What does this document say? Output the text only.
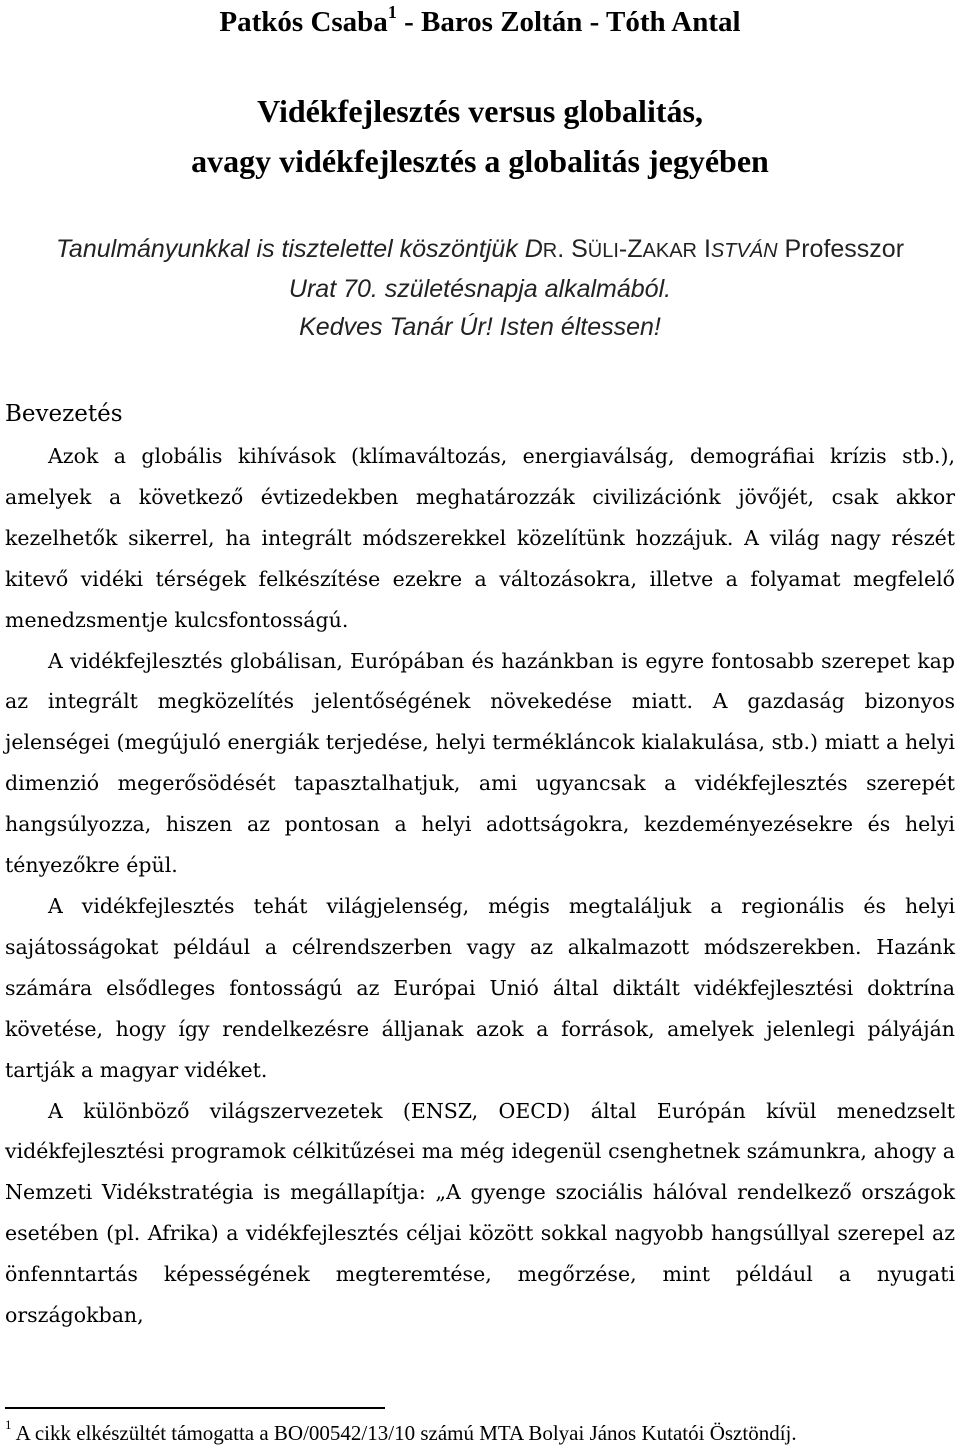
Patkós Csaba$^1$ - Baros Zoltán - Tóth Antal
Vidékfejlesztés versus globalitás,
avagy vidékfejlesztés a globalitás jegyében
Tanulmányunkkal is tisztelettel köszöntjük DR. SÜLI-ZAKAR ISTVÁN Professzor
Urat 70. születésnapja alkalmából.
Kedves Tanár Úr! Isten éltessen!
Bevezetés

Azok a globális kihívások (klímaváltozás, energiaválság, demográfiai krízis stb.), amelyek a következő évtizedekben meghatározzák civilizációnk jövőjét, csak akkor kezelhetők sikerrel, ha integrált módszerekkel közelítünk hozzájuk. A világ nagy részét kitevő vidéki térségek felkészítése ezekre a változásokra, illetve a folyamat megfelelő menedzsmentje kulcsfontosságú.

A vidékfejlesztés globálisan, Európában és hazánkban is egyre fontosabb szerepet kap az integrált megközelítés jelentőségének növekedése miatt. A gazdaság bizonyos jelenségei (megújuló energiák terjedése, helyi termékláncok kialakulása, stb.) miatt a helyi dimenzió megerősödését tapasztalhatjuk, ami ugyancsak a vidékfejlesztés szerepét hangsúlyozza, hiszen az pontosan a helyi adottságokra, kezdeményezésekre és helyi tényezőkre épül.

A vidékfejlesztés tehát világjelenség, mégis megtaláljuk a regionális és helyi sajátosságokat például a célrendszerben vagy az alkalmazott módszerekben. Hazánk számára elsődleges fontosságú az Európai Unió által diktált vidékfejlesztési doktrína követése, hogy így rendelkezésre álljanak azok a források, amelyek jelenlegi pályáján tartják a magyar vidéket.

A különböző világszervezetek (ENSZ, OECD) által Európán kívül menedzselt vidékfejlesztési programok célkitűzései ma még idegenül csenghetnek számunkra, ahogy a Nemzeti Vidékstratégia is megállapítja: „A gyenge szociális hálóval rendelkező országok esetében (pl. Afrika) a vidékfejlesztés céljai között sokkal nagyobb hangsúllyal szerepel az önfenntartás képességének megteremtése, megőrzése, mint például a nyugati országokban,

$^1$ A cikk elkészültét támogatta a BO/00542/13/10 számú MTA Bolyai János Kutatói Ösztöndíj.
